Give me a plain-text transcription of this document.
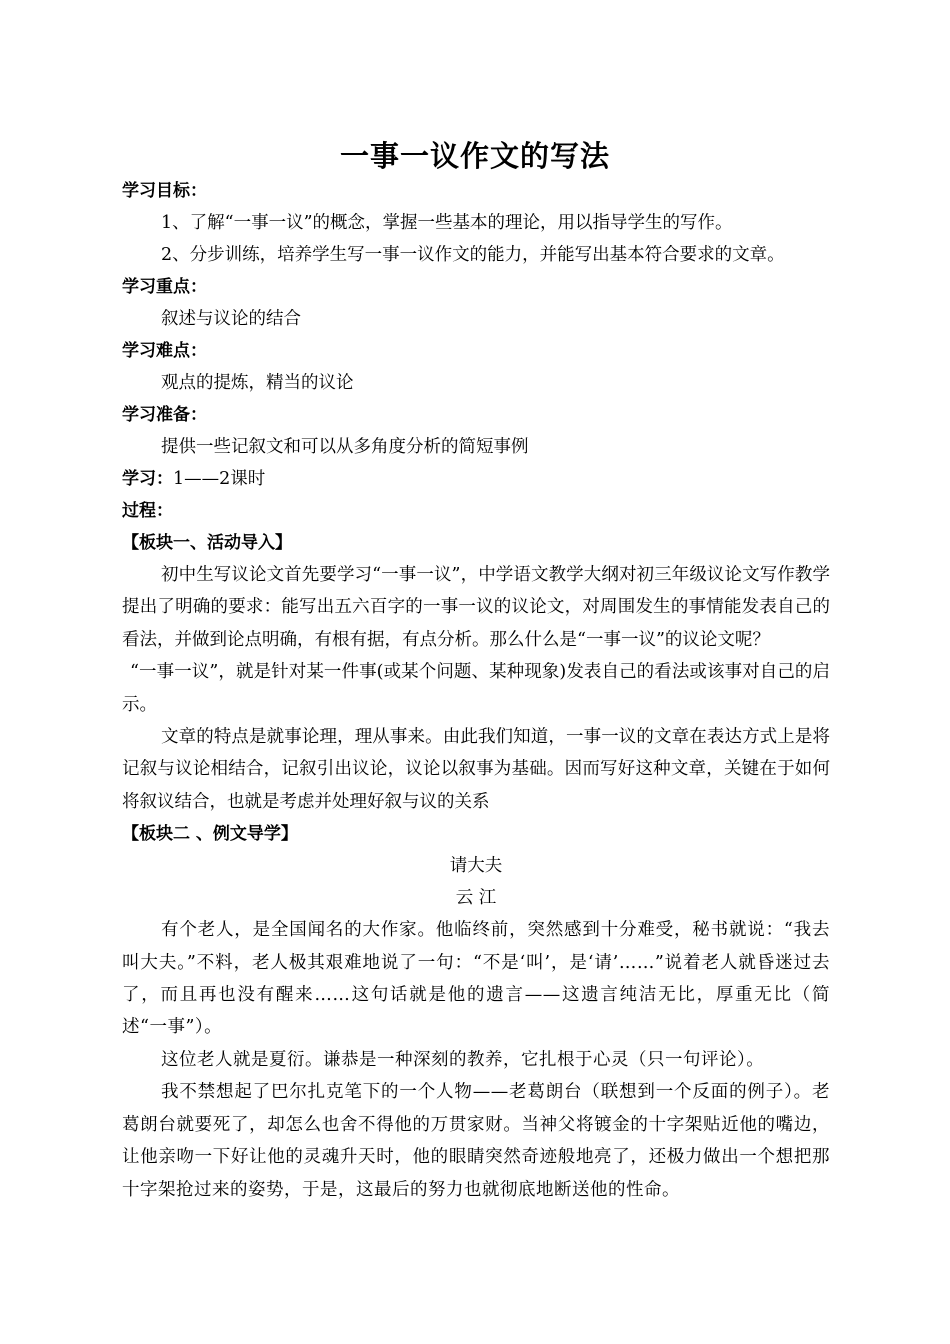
一事一议作文的写法
学习目标：
1、了解“一事一议”的概念，掌握一些基本的理论，用以指导学生的写作。
2、分步训练，培养学生写一事一议作文的能力，并能写出基本符合要求的文章。
学习重点：
叙述与议论的结合
学习难点：
观点的提炼，精当的议论
学习准备：
提供一些记叙文和可以从多角度分析的简短事例
学习：1——2课时
过程：
【板块一、活动导入】
初中生写议论文首先要学习“一事一议”，中学语文教学大纲对初三年级议论文写作教学提出了明确的要求：能写出五六百字的一事一议的议论文，对周围发生的事情能发表自己的看法，并做到论点明确，有根有据，有点分析。那么什么是“一事一议”的议论文呢？
“一事一议”，就是针对某一件事(或某个问题、某种现象)发表自己的看法或该事对自己的启示。
文章的特点是就事论理，理从事来。由此我们知道，一事一议的文章在表达方式上是将记叙与议论相结合，记叙引出议论，议论以叙事为基础。因而写好这种文章，关键在于如何将叙议结合，也就是考虑并处理好叙与议的关系
【板块二 、例文导学】
请大夫
云 江
有个老人，是全国闻名的大作家。他临终前，突然感到十分难受，秘书就说：“我去叫大夫。”不料，老人极其艰难地说了一句：“不是‘叫’，是‘请’……”说着老人就昏迷过去了，而且再也没有醒来……这句话就是他的遗言——这遗言纯洁无比，厚重无比（简述“一事”）。
这位老人就是夏衍。谦恭是一种深刻的教养，它扎根于心灵（只一句评论）。
我不禁想起了巴尔扎克笔下的一个人物——老葛朗台（联想到一个反面的例子）。老葛朗台就要死了，却怎么也舍不得他的万贯家财。当神父将镀金的十字架贴近他的嘴边，让他亲吻一下好让他的灵魂升天时，他的眼睛突然奇迹般地亮了，还极力做出一个想把那十字架抢过来的姿势，于是，这最后的努力也就彻底地断送他的性命。
